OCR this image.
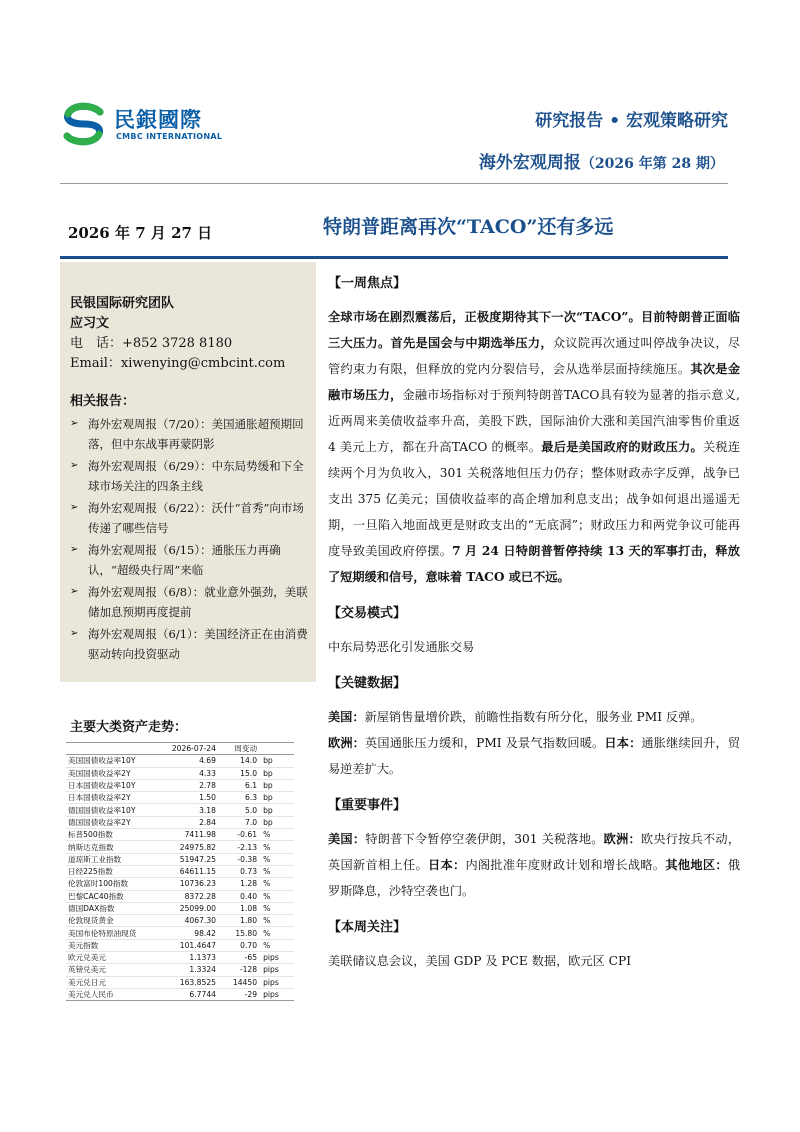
民銀國際
CMBC INTERNATIONAL
研究报告 • 宏观策略研究
海外宏观周报（2026 年第 28 期）
2026 年 7 月 27 日	特朗普距离再次“TACO”还有多远
民银国际研究团队
应习文
电　话：+852 3728 8180
Email：xiwenying@cmbcint.com
相关报告：
➢ 海外宏观周报（7/20）：美国通胀超预期回落，但中东战事再蒙阴影
➢ 海外宏观周报（6/29）：中东局势缓和下全球市场关注的四条主线
➢ 海外宏观周报（6/22）：沃什“首秀”向市场传递了哪些信号
➢ 海外宏观周报（6/15）：通胀压力再确认，“超级央行周”来临
➢ 海外宏观周报（6/8）：就业意外强劲，美联储加息预期再度提前
➢ 海外宏观周报（6/1）：美国经济正在由消费驱动转向投资驱动
主要大类资产走势：
	2026-07-24	周变动	
美国国债收益率10Y	4.69	14.0	bp
美国国债收益率2Y	4.33	15.0	bp
日本国债收益率10Y	2.78	6.1	bp
日本国债收益率2Y	1.50	6.3	bp
德国国债收益率10Y	3.18	5.0	bp
德国国债收益率2Y	2.84	7.0	bp
标普500指数	7411.98	-0.61	%
纳斯达克指数	24975.82	-2.13	%
道琼斯工业指数	51947.25	-0.38	%
日经225指数	64611.15	0.73	%
伦敦富时100指数	10736.23	1.28	%
巴黎CAC40指数	8372.28	0.40	%
德国DAX指数	25099.00	1.08	%
伦敦现货黄金	4067.30	1.80	%
美国布伦特原油现货	98.42	15.80	%
美元指数	101.4647	0.70	%
欧元兑美元	1.1373	-65	pips
英镑兑美元	1.3324	-128	pips
美元兑日元	163.8525	14450	pips
美元兑人民币	6.7744	-29	pips
【一周焦点】

全球市场在剧烈震荡后，正极度期待其下一次“TACO”。目前特朗普正面临三大压力。首先是国会与中期选举压力，众议院再次通过叫停战争决议，尽管约束力有限，但释放的党内分裂信号，会从选举层面持续施压。其次是金融市场压力，金融市场指标对于预判特朗普TACO具有较为显著的指示意义,近两周来美债收益率升高，美股下跌，国际油价大涨和美国汽油零售价重返 4 美元上方，都在升高TACO 的概率。最后是美国政府的财政压力。关税连续两个月为负收入，301 关税落地但压力仍存；整体财政赤字反弹，战争已支出 375 亿美元；国债收益率的高企增加利息支出；战争如何退出遥遥无期，一旦陷入地面战更是财政支出的“无底洞”；财政压力和两党争议可能再度导致美国政府停摆。7 月 24 日特朗普暂停持续 13 天的军事打击，释放了短期缓和信号，意味着 TACO 或已不远。

【交易模式】

中东局势恶化引发通胀交易

【关键数据】

美国：新屋销售量增价跌，前瞻性指数有所分化，服务业 PMI 反弹。
欧洲：英国通胀压力缓和，PMI 及景气指数回暖。日本：通胀继续回升，贸易逆差扩大。

【重要事件】

美国：特朗普下令暂停空袭伊朗，301 关税落地。欧洲：欧央行按兵不动，英国新首相上任。日本：内阁批准年度财政计划和增长战略。其他地区：俄罗斯降息，沙特空袭也门。

【本周关注】

美联储议息会议，美国 GDP 及 PCE 数据，欧元区 CPI
